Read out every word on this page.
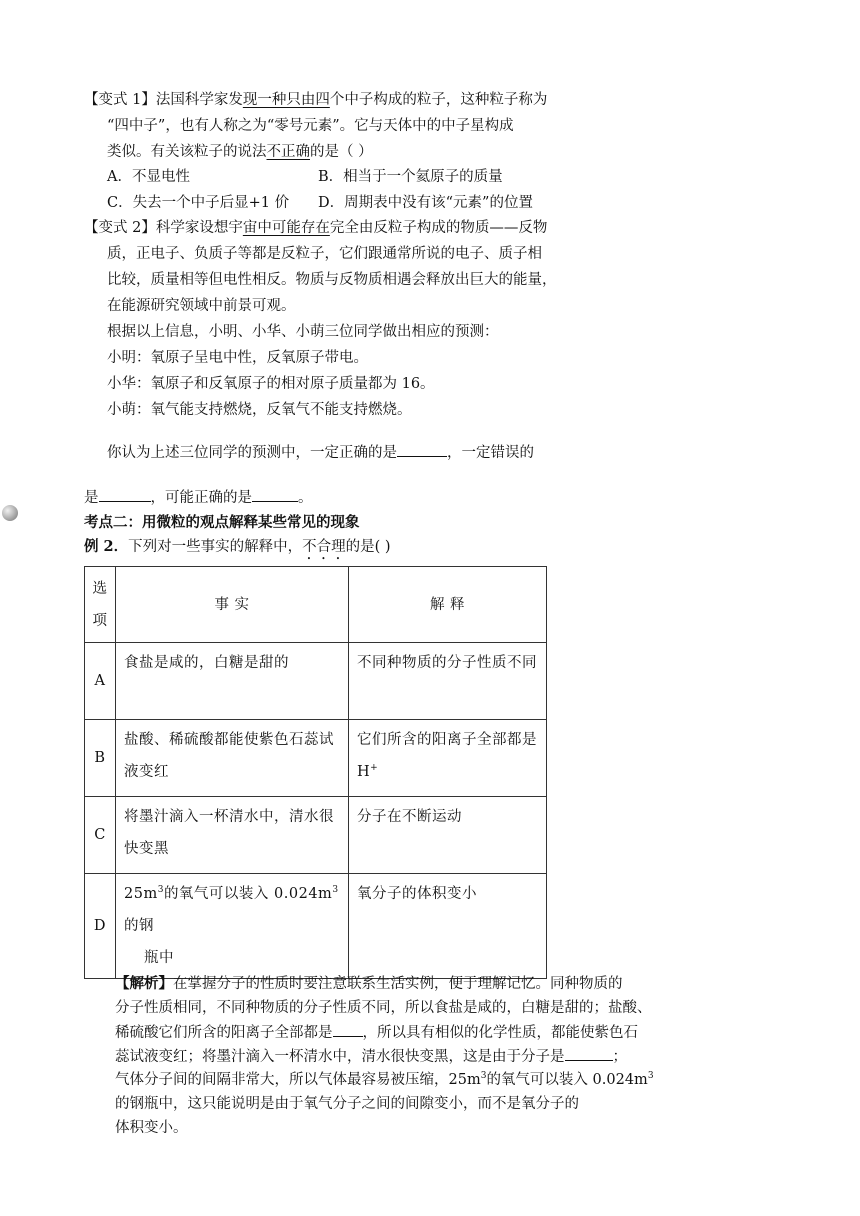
【变式 1】法国科学家发现一种只由四个中子构成的粒子，这种粒子称为
“四中子”，也有人称之为“零号元素”。它与天体中的中子星构成
类似。有关该粒子的说法不正确的是（ ）
A．不显电性	B．相当于一个氦原子的质量
C．失去一个中子后显+1 价 D．周期表中没有该“元素”的位置
【变式 2】科学家设想宇宙中可能存在完全由反粒子构成的物质——反物
质，正电子、负质子等都是反粒子，它们跟通常所说的电子、质子相
比较，质量相等但电性相反。物质与反物质相遇会释放出巨大的能量，
在能源研究领域中前景可观。
根据以上信息，小明、小华、小萌三位同学做出相应的预测：
小明：氧原子呈电中性，反氧原子带电。
小华：氧原子和反氧原子的相对原子质量都为 16。
小萌：氧气能支持燃烧，反氧气不能支持燃烧。
你认为上述三位同学的预测中，一定正确的是	，一定错误的
是	，可能正确的是	。
考点二：用微粒的观点解释某些常见的现象
例 2．下列对一些事实的解释中，不合理的是( )
选
项	事 实	解 释
A	食盐是咸的，白糖是甜的	不同种物质的分子性质不同
B	盐酸、稀硫酸都能使紫色石蕊试液变红	它们所含的阳离子全部都是 H+
C	将墨汁滴入一杯清水中，清水很快变黑	分子在不断运动
D	$25m^3$的氧气可以装入 $0.024m^3$的钢
瓶中	氧分子的体积变小
【解析】在掌握分子的性质时要注意联系生活实例，便于理解记忆。同种物质的
分子性质相同，不同种物质的分子性质不同，所以食盐是咸的，白糖是甜的；盐酸、
稀硫酸它们所含的阳离子全部都是 ，所以具有相似的化学性质，都能使紫色石
蕊试液变红；将墨汁滴入一杯清水中，清水很快变黑，这是由于分子是	；
气体分子间的间隔非常大，所以气体最容易被压缩，$25m^3$的氧气可以装入 $0.024m^3$
的钢瓶中，这只能说明是由于氧气分子之间的间隙变小，而不是氧分子的
体积变小。
